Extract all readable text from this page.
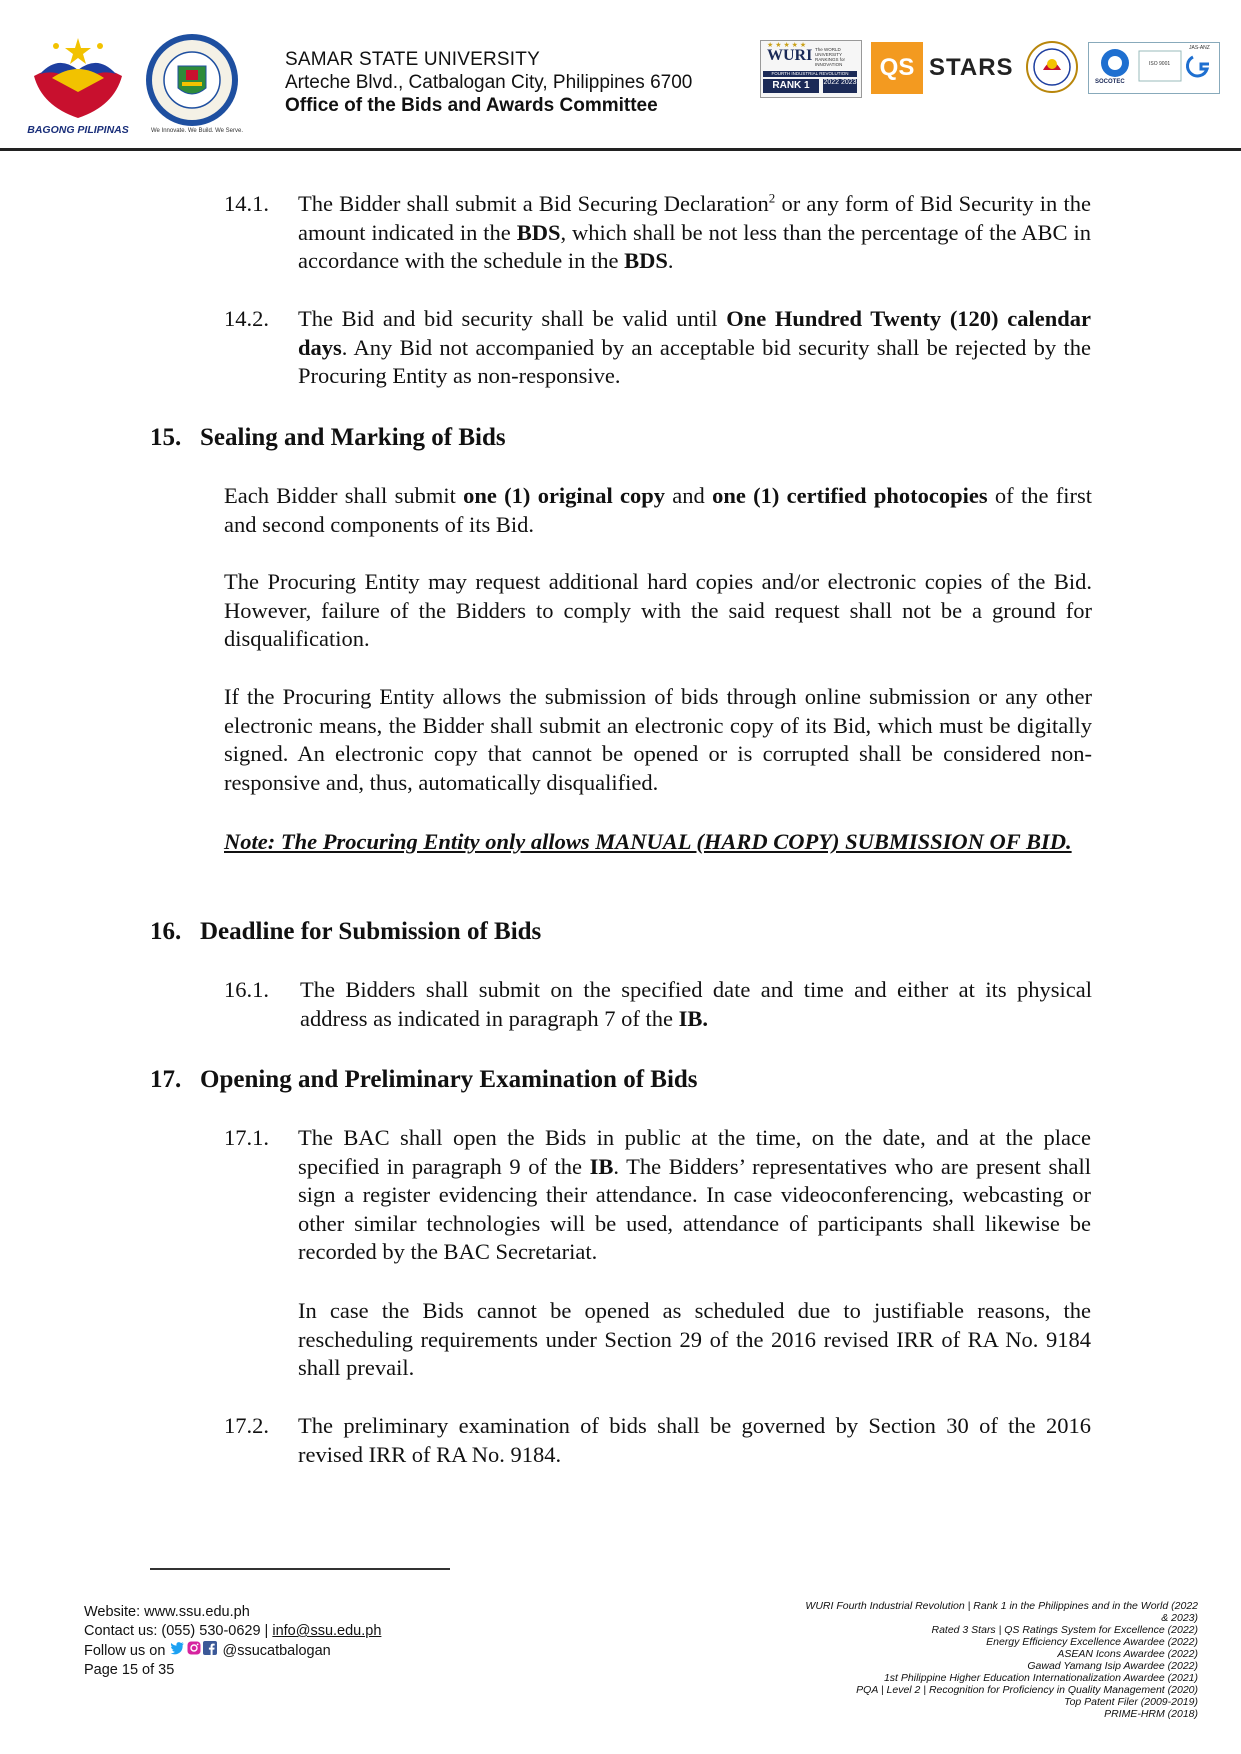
BAGONG PILIPINAS	We Innovate. We Build. We Serve.
SAMAR STATE UNIVERSITY
Arteche Blvd., Catbalogan City, Philippines 6700
Office of the Bids and Awards Committee
★ ★ ★ ★ ★
WURI The WORLD UNIVERSITY RANKINGS for INNOVATION
FOURTH INDUSTRIAL REVOLUTION
RANK 1	2022 2023
QS STARS
SOCOTEC
ISO 9001
JAS-ANZ
14.1. The Bidder shall submit a Bid Securing Declaration$^2$ or any form of Bid Security in the amount indicated in the BDS, which shall be not less than the percentage of the ABC in accordance with the schedule in the BDS.
14.2. The Bid and bid security shall be valid until One Hundred Twenty (120) calendar days. Any Bid not accompanied by an acceptable bid security shall be rejected by the Procuring Entity as non-responsive.
15.   Sealing and Marking of Bids
Each Bidder shall submit one (1) original copy and one (1) certified photocopies of the first and second components of its Bid.
The Procuring Entity may request additional hard copies and/or electronic copies of the Bid. However, failure of the Bidders to comply with the said request shall not be a ground for disqualification.
If the Procuring Entity allows the submission of bids through online submission or any other electronic means, the Bidder shall submit an electronic copy of its Bid, which must be digitally signed. An electronic copy that cannot be opened or is corrupted shall be considered non-responsive and, thus, automatically disqualified.
Note: The Procuring Entity only allows MANUAL (HARD COPY) SUBMISSION OF BID.
16.   Deadline for Submission of Bids
16.1. The Bidders shall submit on the specified date and time and either at its physical address as indicated in paragraph 7 of the IB.
17.   Opening and Preliminary Examination of Bids
17.1. The BAC shall open the Bids in public at the time, on the date, and at the place specified in paragraph 9 of the IB. The Bidders’ representatives who are present shall sign a register evidencing their attendance. In case videoconferencing, webcasting or other similar technologies will be used, attendance of participants shall likewise be recorded by the BAC Secretariat.
In case the Bids cannot be opened as scheduled due to justifiable reasons, the rescheduling requirements under Section 29 of the 2016 revised IRR of RA No. 9184 shall prevail.
17.2. The preliminary examination of bids shall be governed by Section 30 of the 2016 revised IRR of RA No. 9184.
Website: www.ssu.edu.ph
Contact us: (055) 530-0629 | info@ssu.edu.ph
Follow us on	@ssucatbalogan
Page 15 of 35
WURI Fourth Industrial Revolution | Rank 1 in the Philippines and in the World (2022 & 2023)
Rated 3 Stars | QS Ratings System for Excellence (2022)
Energy Efficiency Excellence Awardee (2022)
ASEAN Icons Awardee (2022)
Gawad Yamang Isip Awardee (2022)
1st Philippine Higher Education Internationalization Awardee (2021)
PQA | Level 2 | Recognition for Proficiency in Quality Management (2020)
Top Patent Filer (2009-2019)
PRIME-HRM (2018)
